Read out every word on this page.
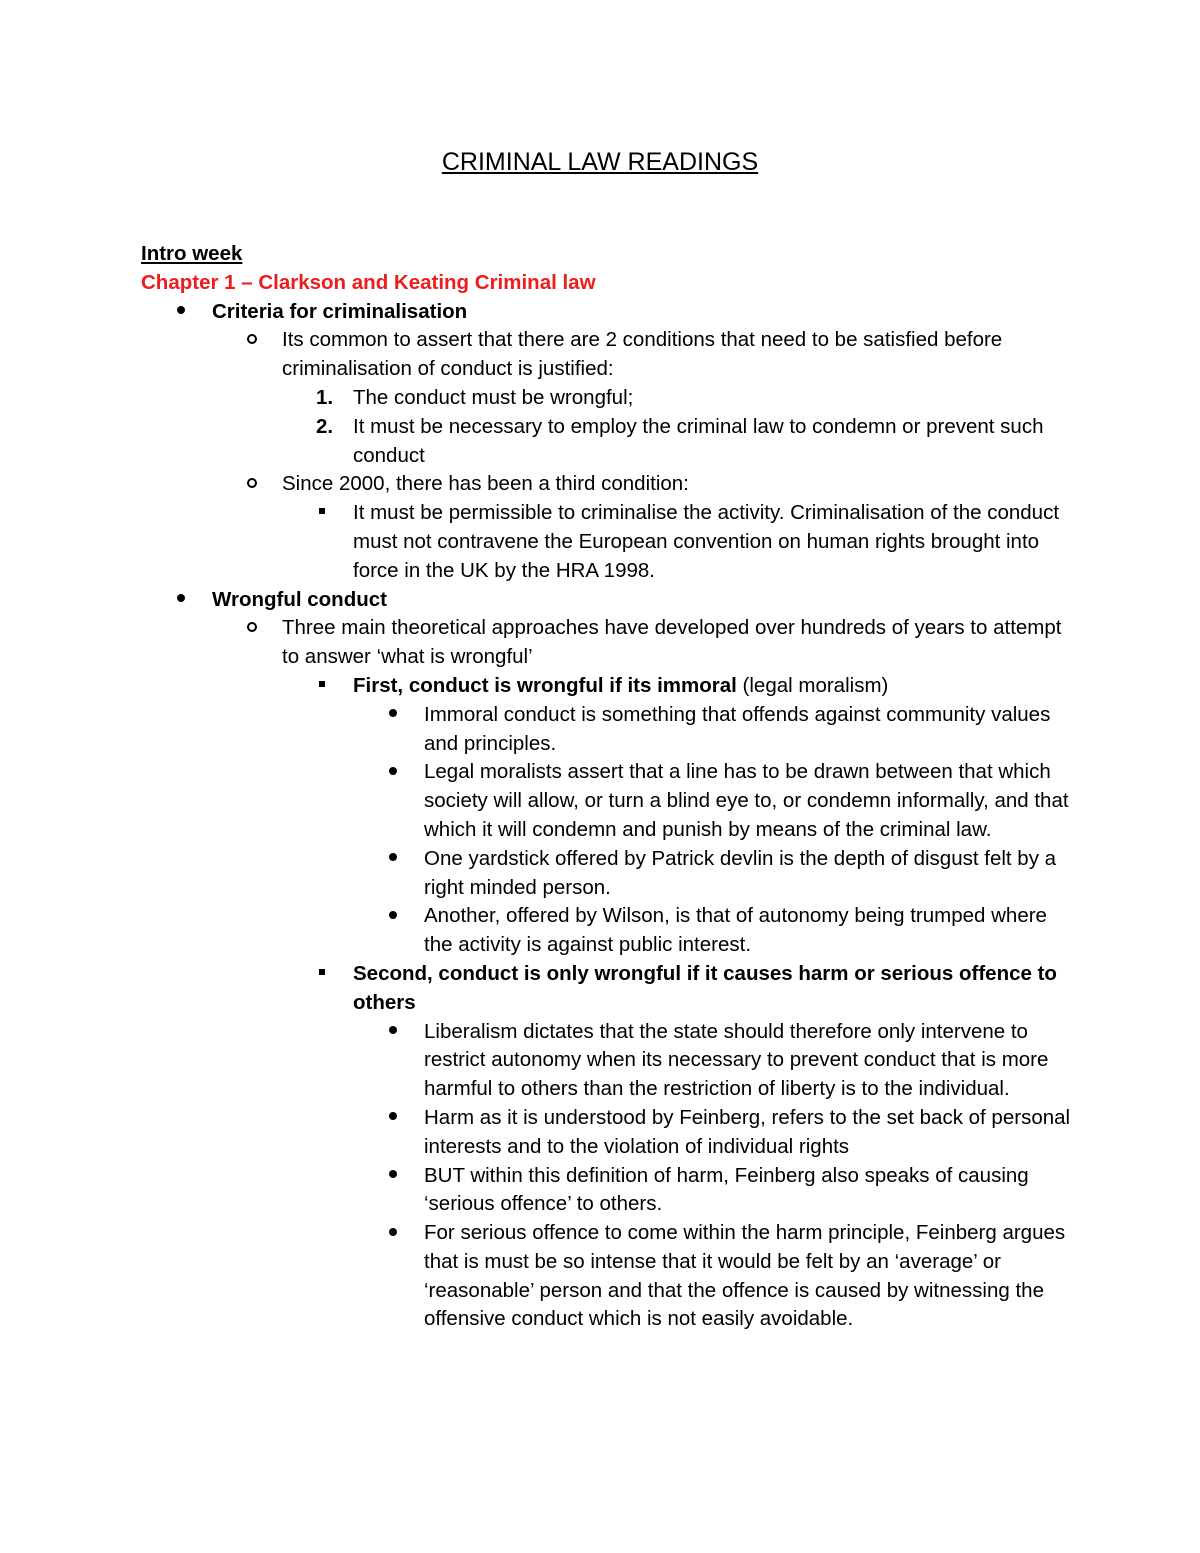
CRIMINAL LAW READINGS
Intro week
Chapter 1 – Clarkson and Keating Criminal law
Criteria for criminalisation
Its common to assert that there are 2 conditions that need to be satisfied before criminalisation of conduct is justified:
1. The conduct must be wrongful;
2. It must be necessary to employ the criminal law to condemn or prevent such conduct
Since 2000, there has been a third condition:
It must be permissible to criminalise the activity. Criminalisation of the conduct must not contravene the European convention on human rights brought into force in the UK by the HRA 1998.
Wrongful conduct
Three main theoretical approaches have developed over hundreds of years to attempt to answer ‘what is wrongful’
First, conduct is wrongful if its immoral (legal moralism)
Immoral conduct is something that offends against community values and principles.
Legal moralists assert that a line has to be drawn between that which society will allow, or turn a blind eye to, or condemn informally, and that which it will condemn and punish by means of the criminal law.
One yardstick offered by Patrick devlin is the depth of disgust felt by a right minded person.
Another, offered by Wilson, is that of autonomy being trumped where the activity is against public interest.
Second, conduct is only wrongful if it causes harm or serious offence to others
Liberalism dictates that the state should therefore only intervene to restrict autonomy when its necessary to prevent conduct that is more harmful to others than the restriction of liberty is to the individual.
Harm as it is understood by Feinberg, refers to the set back of personal interests and to the violation of individual rights
BUT within this definition of harm, Feinberg also speaks of causing ‘serious offence’ to others.
For serious offence to come within the harm principle, Feinberg argues that is must be so intense that it would be felt by an ‘average’ or ‘reasonable’ person and that the offence is caused by witnessing the offensive conduct which is not easily avoidable.
